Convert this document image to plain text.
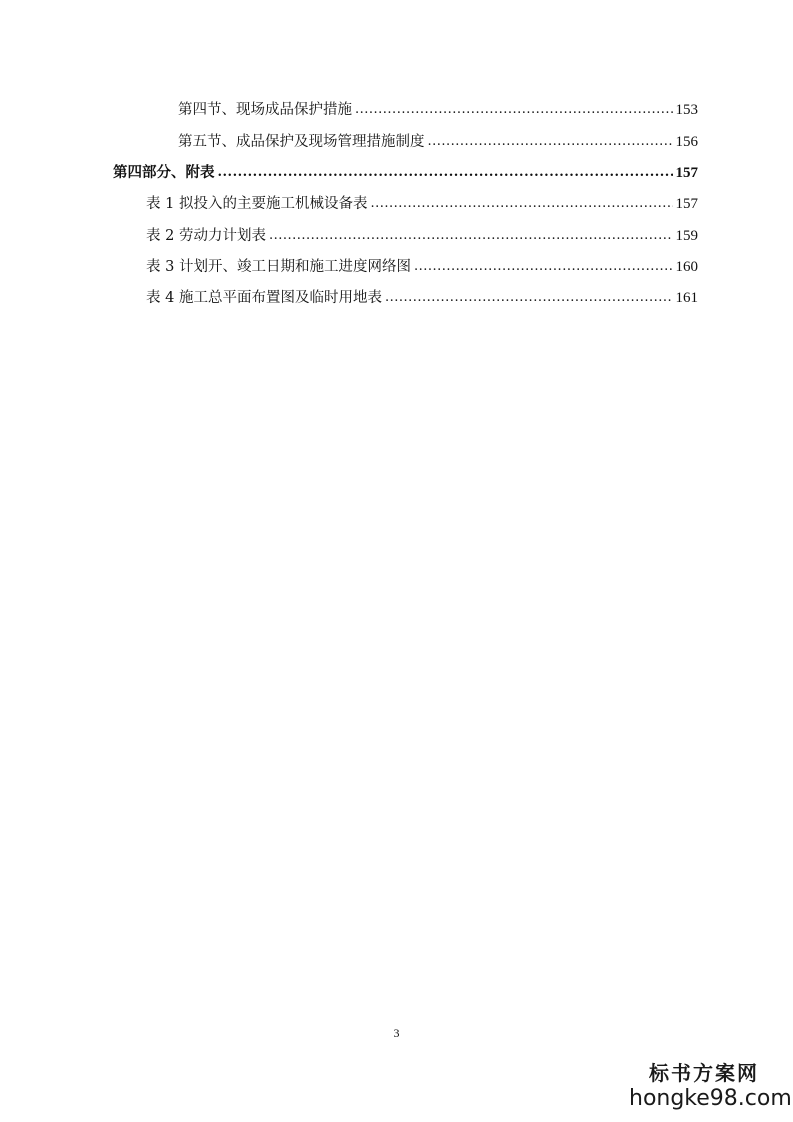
第四节、现场成品保护措施 .....	153
第五节、成品保护及现场管理措施制度 .....	156
第四部分、附表 .....	157
表 1 拟投入的主要施工机械设备表 .....	157
表 2 劳动力计划表 .....	159
表 3 计划开、竣工日期和施工进度网络图 .....	160
表 4 施工总平面布置图及临时用地表 .....	161
3
标书方案网
hongke98.com
